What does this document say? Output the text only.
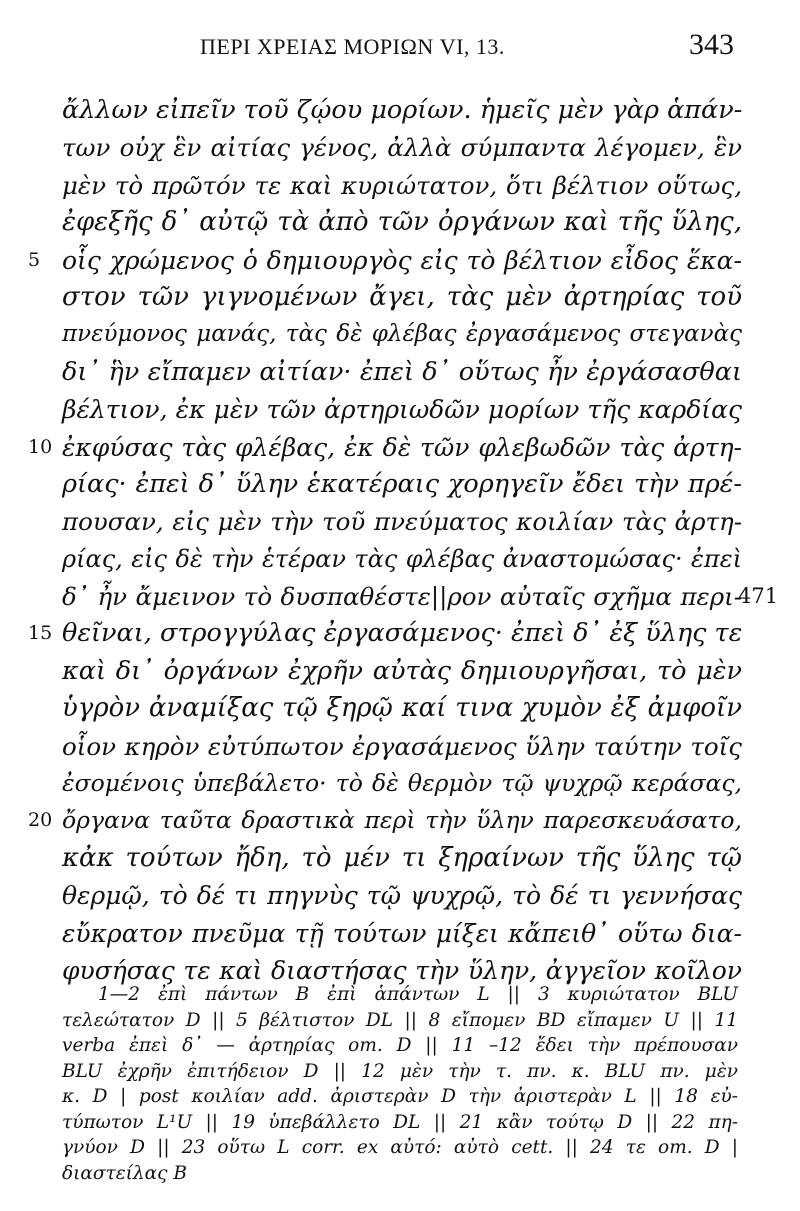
ΠΕΡΙ ΧΡΕΙΑΣ ΜΟΡΙΩΝ VI, 13.	343
ἄλλων εἰπεῖν τοῦ ζῴου μορίων. ἡμεῖς μὲν γὰρ ἁπάν-
των οὐχ ἓν αἰτίας γένος, ἀλλὰ σύμπαντα λέγομεν, ἓν
μὲν τὸ πρῶτόν τε καὶ κυριώτατον, ὅτι βέλτιον οὕτως,
ἐφεξῆς δ᾿ αὐτῷ τὰ ἀπὸ τῶν ὀργάνων καὶ τῆς ὕλης,
5 οἷς χρώμενος ὁ δημιουργὸς εἰς τὸ βέλτιον εἶδος ἕκα-
στον τῶν γιγνομένων ἄγει, τὰς μὲν ἀρτηρίας τοῦ
πνεύμονος μανάς, τὰς δὲ φλέβας ἐργασάμενος στεγανὰς
δι᾿ ἣν εἴπαμεν αἰτίαν· ἐπεὶ δ᾿ οὕτως ἦν ἐργάσασθαι
βέλτιον, ἐκ μὲν τῶν ἀρτηριωδῶν μορίων τῆς καρδίας
10 ἐκφύσας τὰς φλέβας, ἐκ δὲ τῶν φλεβωδῶν τὰς ἀρτη-
ρίας· ἐπεὶ δ᾿ ὕλην ἑκατέραις χορηγεῖν ἔδει τὴν πρέ-
πουσαν, εἰς μὲν τὴν τοῦ πνεύματος κοιλίαν τὰς ἀρτη-
ρίας, εἰς δὲ τὴν ἑτέραν τὰς φλέβας ἀναστομώσας· ἐπεὶ
δ᾿ ἦν ἄμεινον τὸ δυσπαθέστε||ρον αὐταῖς σχῆμα περι-
471
15 θεῖναι, στρογγύλας ἐργασάμενος· ἐπεὶ δ᾿ ἐξ ὕλης τε
καὶ δι᾿ ὀργάνων ἐχρῆν αὐτὰς δημιουργῆσαι, τὸ μὲν
ὑγρὸν ἀναμίξας τῷ ξηρῷ καί τινα χυμὸν ἐξ ἀμφοῖν
οἷον κηρὸν εὐτύπωτον ἐργασάμενος ὕλην ταύτην τοῖς
ἐσομένοις ὑπεβάλετο· τὸ δὲ θερμὸν τῷ ψυχρῷ κεράσας,
20 ὄργανα ταῦτα δραστικὰ περὶ τὴν ὕλην παρεσκευάσατο,
κἀκ τούτων ἤδη, τὸ μέν τι ξηραίνων τῆς ὕλης τῷ
θερμῷ, τὸ δέ τι πηγνὺς τῷ ψυχρῷ, τὸ δέ τι γεννήσας
εὔκρατον πνεῦμα τῇ τούτων μίξει κἄπειθ᾿ οὕτω δια-
φυσήσας τε καὶ διαστήσας τὴν ὕλην, ἀγγεῖον κοῖλον
1—2 ἐπὶ πάντων B ἐπὶ ἁπάντων L || 3 κυριώτατον BLU
τελεώτατον D || 5 βέλτιστον DL || 8 εἴπομεν BD εἴπαμεν U || 11
verba ἐπεὶ δ᾿ — ἀρτηρίας om. D || 11 –12 ἔδει τὴν πρέπουσαν
BLU ἐχρῆν ἐπιτήδειον D || 12 μὲν τὴν τ. πν. κ. BLU πν. μὲν
κ. D | post κοιλίαν add. ἀριστερὰν D τὴν ἀριστερὰν L || 18 εὐ-
τύπωτον L¹U || 19 ὑπεβάλλετο DL || 21 κἂν τούτῳ D || 22 πη-
γνύον D || 23 οὕτω L corr. ex αὐτό: αὐτὸ cett. || 24 τε om. D |
διαστείλας B
